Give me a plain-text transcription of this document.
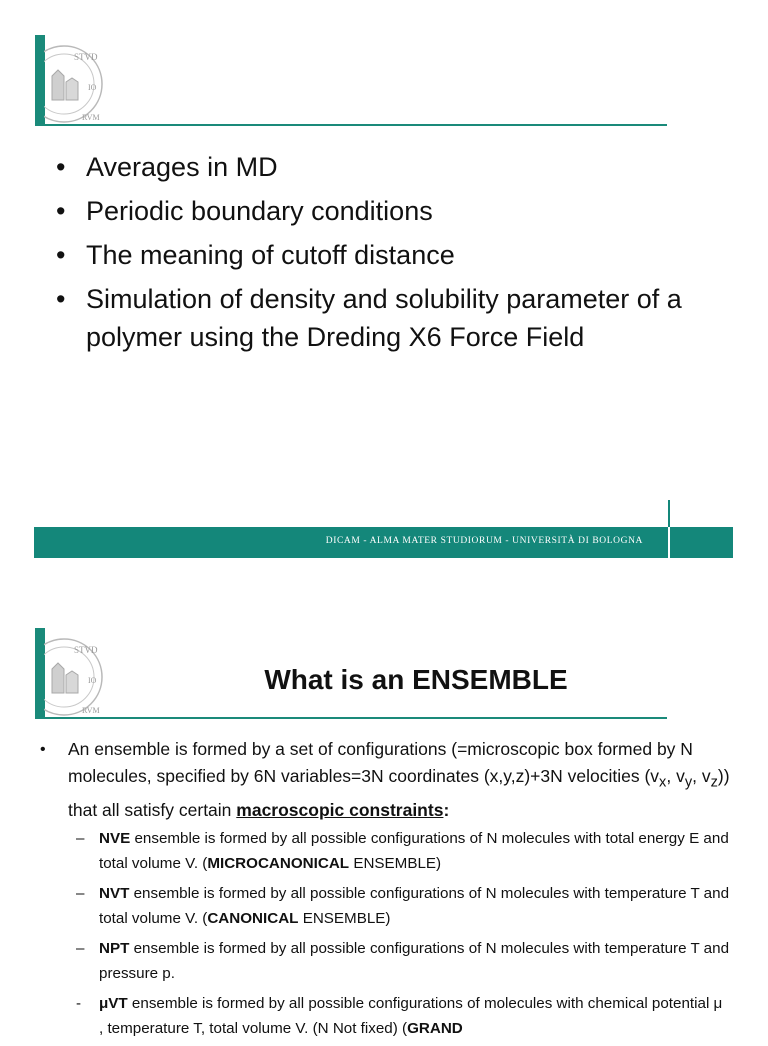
STVD
IO
RVM
• Averages in MD
• Periodic boundary conditions
• The meaning of cutoff distance
• Simulation of density and solubility parameter of a polymer using the Dreding X6 Force Field
DICAM - ALMA MATER STUDIORUM - UNIVERSITÀ DI BOLOGNA
STVD
IO
RVM
What is an ENSEMBLE

• An ensemble is formed by a set of configurations (=microscopic box formed by N molecules, specified by 6N variables=3N coordinates (x,y,z)+3N velocities ($v_x$, $v_y$, $v_z$)) that all satisfy certain macroscopic constraints:

– NVE ensemble is formed by all possible configurations of N molecules with total energy E and total volume V. (MICROCANONICAL ENSEMBLE)

– NVT ensemble is formed by all possible configurations of N molecules with temperature T and total volume V. (CANONICAL ENSEMBLE)

– NPT ensemble is formed by all possible configurations of N molecules with temperature T and pressure p.

- μVT ensemble is formed by all possible configurations of molecules with chemical potential μ , temperature T, total volume V. (N Not fixed) (GRAND
